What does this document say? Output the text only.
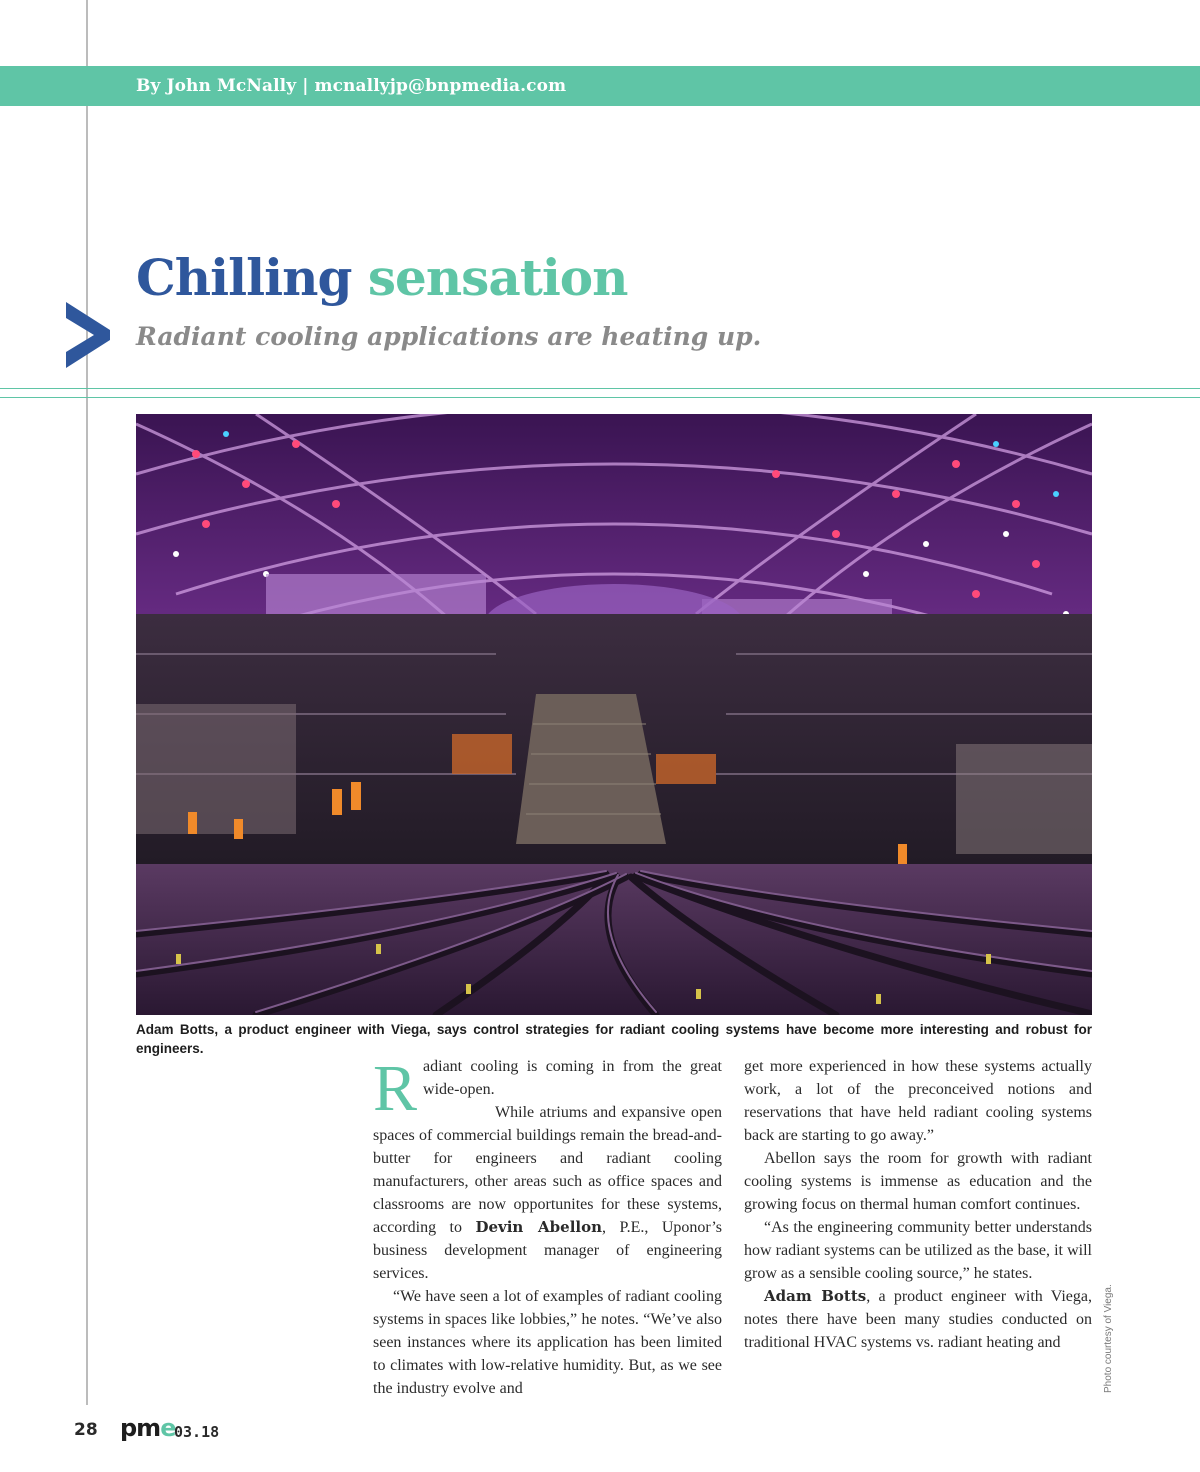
By John McNally | mcnallyjp@bnpmedia.com
Chilling sensation
Radiant cooling applications are heating up.
Adam Botts, a product engineer with Viega, says control strategies for radiant cooling systems have become more interesting and robust for engineers.

Radiant cooling is coming in from the great wide-open.

While atriums and expansive open spaces of commercial buildings remain the bread-and-butter for engineers and radiant cooling manufacturers, other areas such as office spaces and classrooms are now opportunites for these systems, according to Devin Abellon, P.E., Uponor’s business development manager of engineering services.

“We have seen a lot of examples of radiant cooling systems in spaces like lobbies,” he notes. “We’ve also seen instances where its application has been limited to climates with low-relative humidity. But, as we see the industry evolve and

get more experienced in how these systems actually work, a lot of the preconceived notions and reservations that have held radiant cooling systems back are starting to go away.”

Abellon says the room for growth with radiant cooling systems is immense as education and the growing focus on thermal human comfort continues.

“As the engineering community better understands how radiant systems can be utilized as the base, it will grow as a sensible cooling source,” he states.

Adam Botts, a product engineer with Viega, notes there have been many studies conducted on traditional HVAC systems vs. radiant heating and	Photo courtesy of Viega.
28 pme
03.18
